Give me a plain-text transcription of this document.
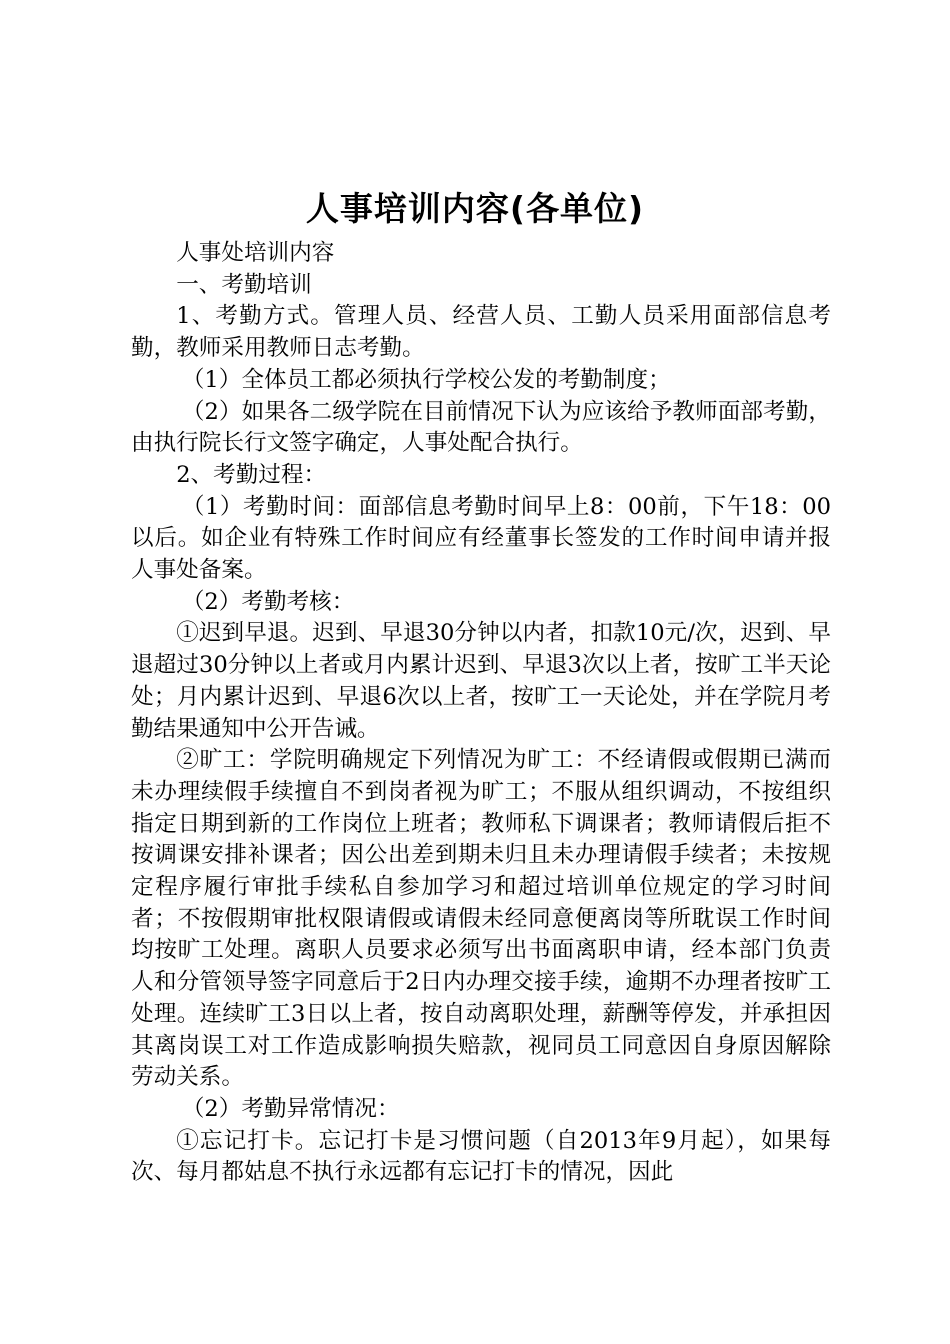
人事培训内容(各单位)

人事处培训内容

一、考勤培训

1、考勤方式。管理人员、经营人员、工勤人员采用面部信息考勤，教师采用教师日志考勤。

（1）全体员工都必须执行学校公发的考勤制度；

（2）如果各二级学院在目前情况下认为应该给予教师面部考勤，由执行院长行文签字确定，人事处配合执行。

2、考勤过程：

（1）考勤时间：面部信息考勤时间早上8：00前，下午18：00以后。如企业有特殊工作时间应有经董事长签发的工作时间申请并报人事处备案。

（2）考勤考核：

①迟到早退。迟到、早退30分钟以内者，扣款10元/次，迟到、早退超过30分钟以上者或月内累计迟到、早退3次以上者，按旷工半天论处；月内累计迟到、早退6次以上者，按旷工一天论处，并在学院月考勤结果通知中公开告诫。

②旷工：学院明确规定下列情况为旷工：不经请假或假期已满而未办理续假手续擅自不到岗者视为旷工；不服从组织调动，不按组织指定日期到新的工作岗位上班者；教师私下调课者；教师请假后拒不按调课安排补课者；因公出差到期未归且未办理请假手续者；未按规定程序履行审批手续私自参加学习和超过培训单位规定的学习时间者；不按假期审批权限请假或请假未经同意便离岗等所耽误工作时间均按旷工处理。离职人员要求必须写出书面离职申请，经本部门负责人和分管领导签字同意后于2日内办理交接手续，逾期不办理者按旷工处理。连续旷工3日以上者，按自动离职处理，薪酬等停发，并承担因其离岗误工对工作造成影响损失赔款，视同员工同意因自身原因解除劳动关系。

（2）考勤异常情况：

①忘记打卡。忘记打卡是习惯问题（自2013年9月起），如果每次、每月都姑息不执行永远都有忘记打卡的情况，因此
